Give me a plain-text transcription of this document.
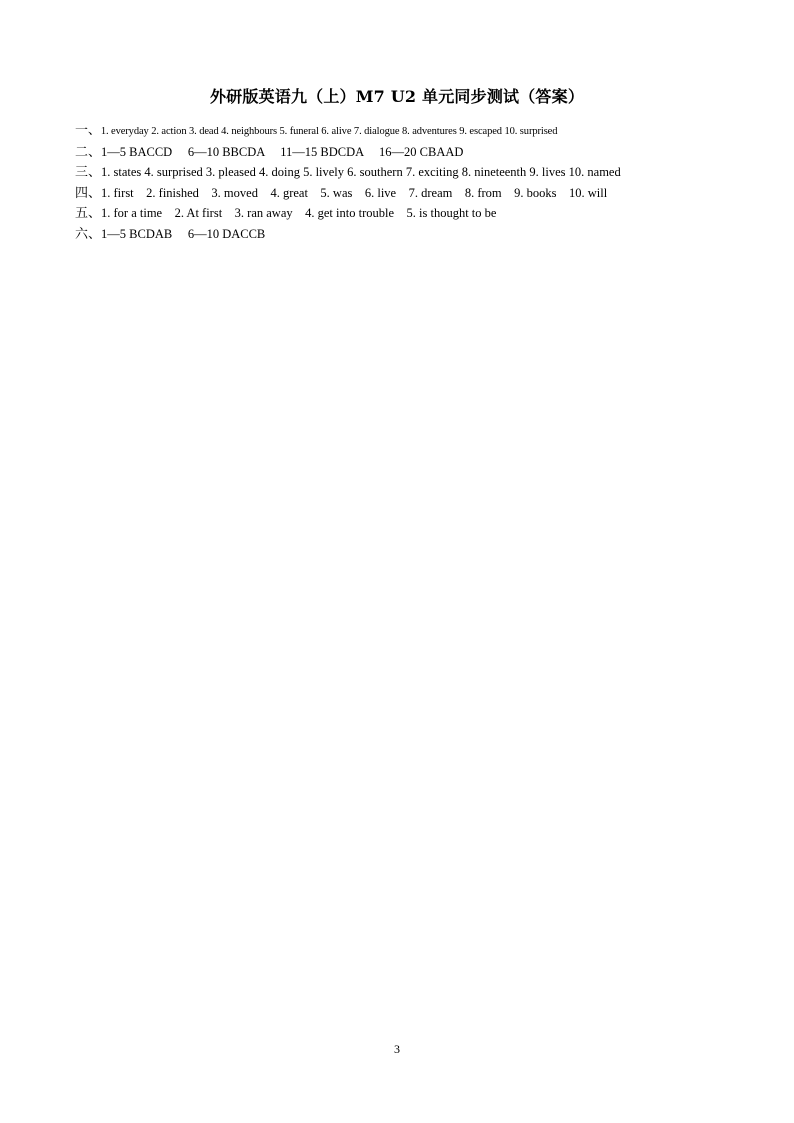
外研版英语九（上）M7 U2 单元同步测试（答案）
一、1. everyday 2. action 3. dead 4. neighbours 5. funeral 6. alive 7. dialogue 8. adventures 9. escaped 10. surprised
二、1—5 BACCD     6—10 BBCDA     11—15 BDCDA     16—20 CBAAD
三、1. states 4. surprised 3. pleased 4. doing 5. lively 6. southern 7. exciting 8. nineteenth 9. lives 10. named
四、1. first    2. finished    3. moved    4. great    5. was    6. live    7. dream    8. from    9. books    10. will
五、1. for a time    2. At first    3. ran away    4. get into trouble    5. is thought to be
六、1—5 BCDAB     6—10 DACCB
3
